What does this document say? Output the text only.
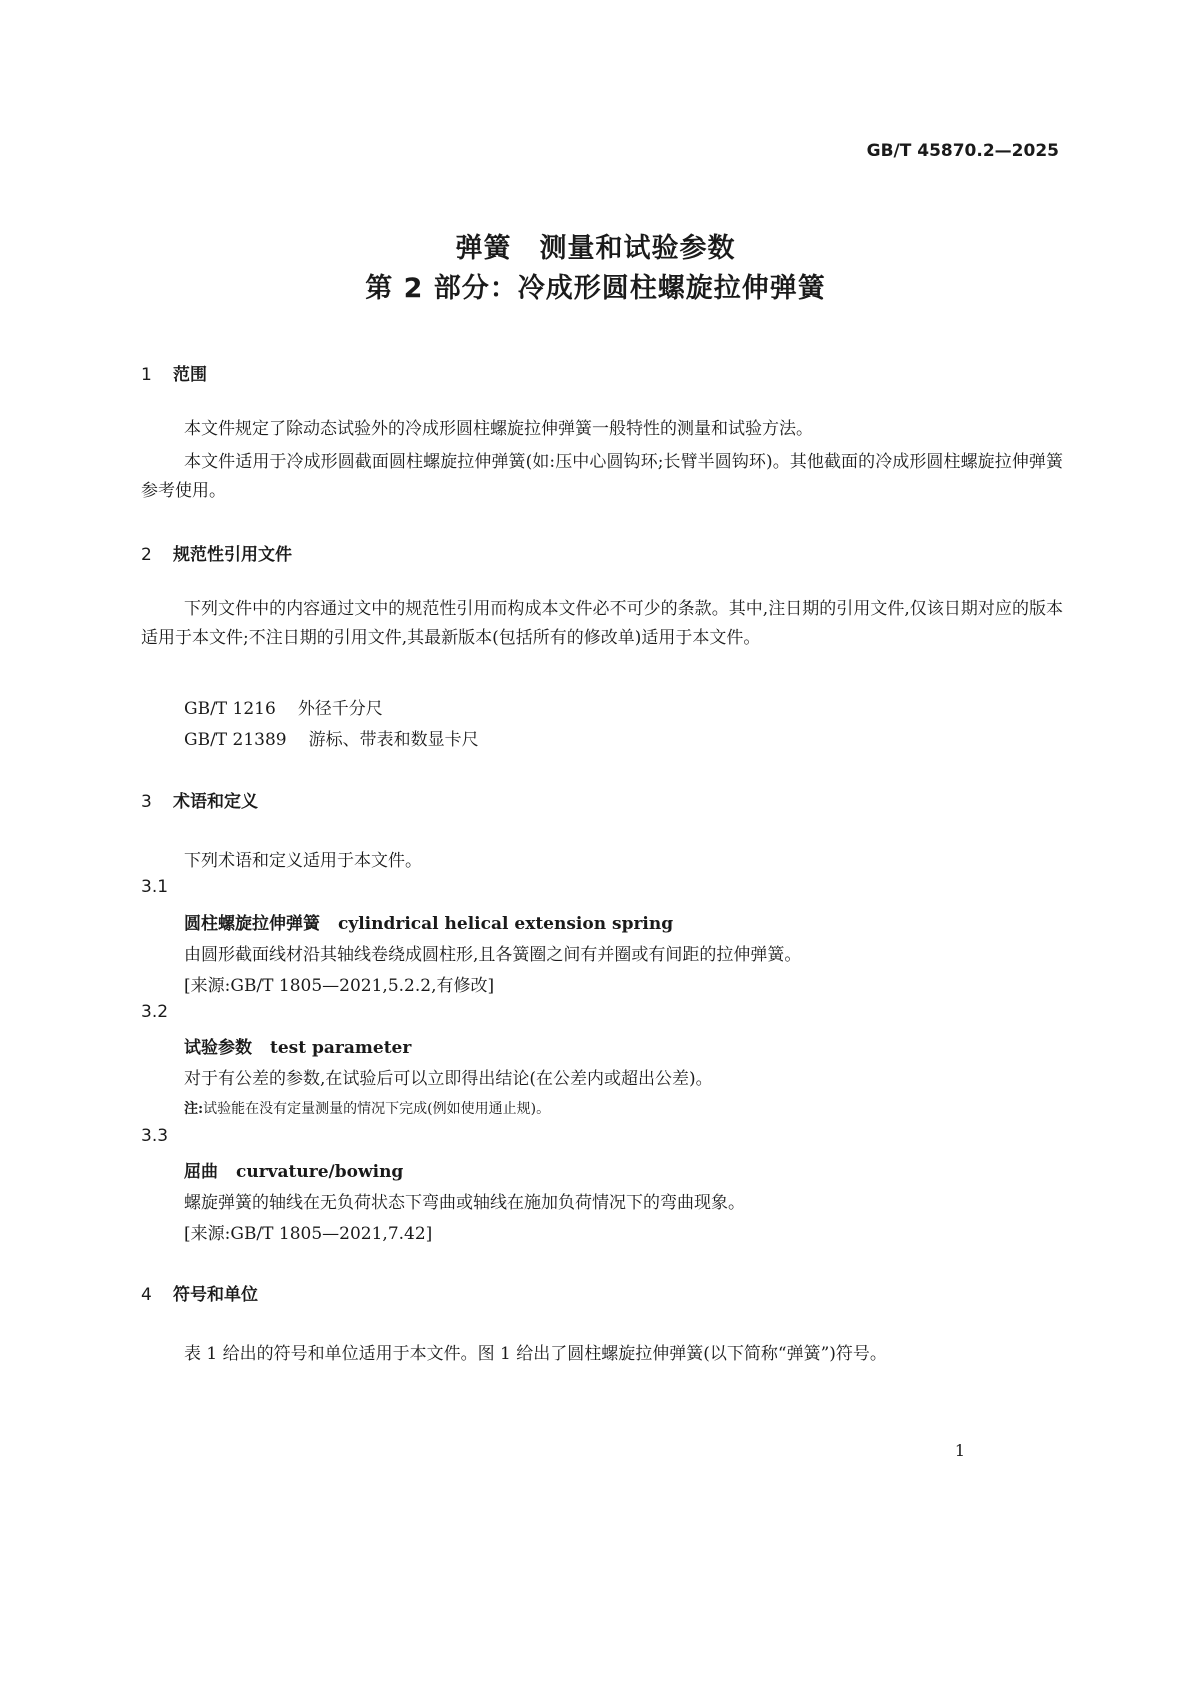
GB/T 45870.2—2025
弹簧　测量和试验参数
第 2 部分：冷成形圆柱螺旋拉伸弹簧
1 范围

本文件规定了除动态试验外的冷成形圆柱螺旋拉伸弹簧一般特性的测量和试验方法。

本文件适用于冷成形圆截面圆柱螺旋拉伸弹簧(如:压中心圆钩环;长臂半圆钩环)。其他截面的冷成形圆柱螺旋拉伸弹簧参考使用。

2 规范性引用文件

下列文件中的内容通过文中的规范性引用而构成本文件必不可少的条款。其中,注日期的引用文件,仅该日期对应的版本适用于本文件;不注日期的引用文件,其最新版本(包括所有的修改单)适用于本文件。

GB/T 1216 外径千分尺
GB/T 21389 游标、带表和数显卡尺
3 术语和定义
下列术语和定义适用于本文件。
3.1
圆柱螺旋拉伸弹簧 cylindrical helical extension spring
由圆形截面线材沿其轴线卷绕成圆柱形,且各簧圈之间有并圈或有间距的拉伸弹簧。
[来源:GB/T 1805—2021,5.2.2,有修改]
3.2
试验参数 test parameter
对于有公差的参数,在试验后可以立即得出结论(在公差内或超出公差)。
注:试验能在没有定量测量的情况下完成(例如使用通止规)。
3.3
屈曲 curvature/bowing
螺旋弹簧的轴线在无负荷状态下弯曲或轴线在施加负荷情况下的弯曲现象。
[来源:GB/T 1805—2021,7.42]
4 符号和单位
表 1 给出的符号和单位适用于本文件。图 1 给出了圆柱螺旋拉伸弹簧(以下简称“弹簧”)符号。
1
